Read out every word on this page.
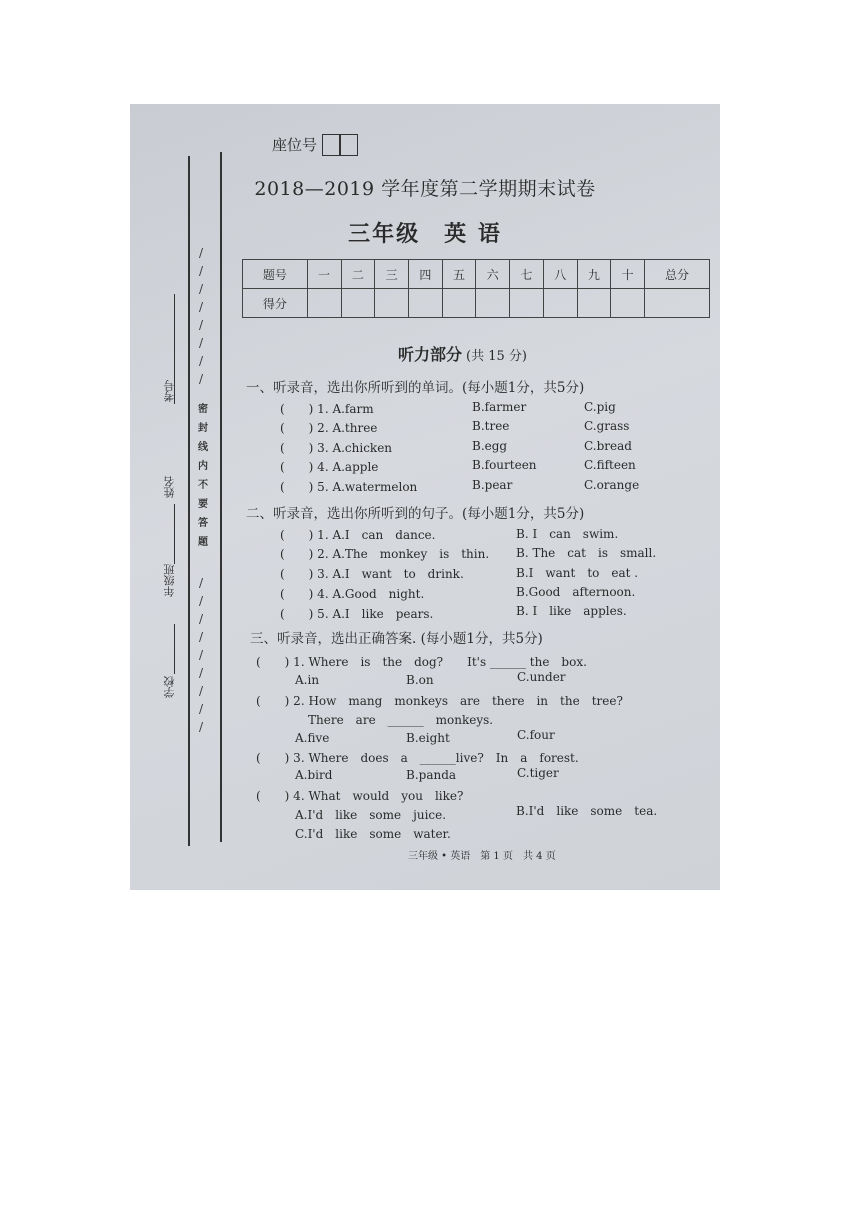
考号
姓名
年级班
学校
/
/
/
/
/
/
/
/
密
封
线
内
不
要
答
题
/
/
/
/
/
/
/
/
/
座位号
2018—2019 学年度第二学期期末试卷
三年级　英 语
题号	一	二	三	四	五	六	七	八	九	十	总分
得分											
听力部分 (共 15 分)
一、听录音，选出你所听到的单词。(每小题1分，共5分)
(　　) 1. A.farm	B.farmer	C.pig
(　　) 2. A.three	B.tree	C.grass
(　　) 3. A.chicken	B.egg	C.bread
(　　) 4. A.apple	B.fourteen	C.fifteen
(　　) 5. A.watermelon	B.pear	C.orange
二、听录音，选出你所听到的句子。(每小题1分，共5分)
(　　) 1. A.I　can　dance.	B. I　can　swim.
(　　) 2. A.The　monkey　is　thin. B. The　cat　is　small.
(　　) 3. A.I　want　to　drink.	B.I　want　to　eat .
(　　) 4. A.Good　night.	B.Good　afternoon.
(　　) 5. A.I　like　pears.	B. I　like　apples.
三、听录音，选出正确答案. (每小题1分，共5分)
(　　) 1. Where　is　the　dog?　　It's ______ the　box.
A.in	B.on	C.under
(　　) 2. How　mang　monkeys　are　there　in　the　tree?
There　are　______　monkeys.
A.five	B.eight	C.four
(　　) 3. Where　does　a　______live?　In　a　forest.
A.bird	B.panda	C.tiger
(　　) 4. What　would　you　like?
A.I'd　like　some　juice.	B.I'd　like　some　tea.
C.I'd　like　some　water.
三年级 • 英语　第 1 页　共 4 页
